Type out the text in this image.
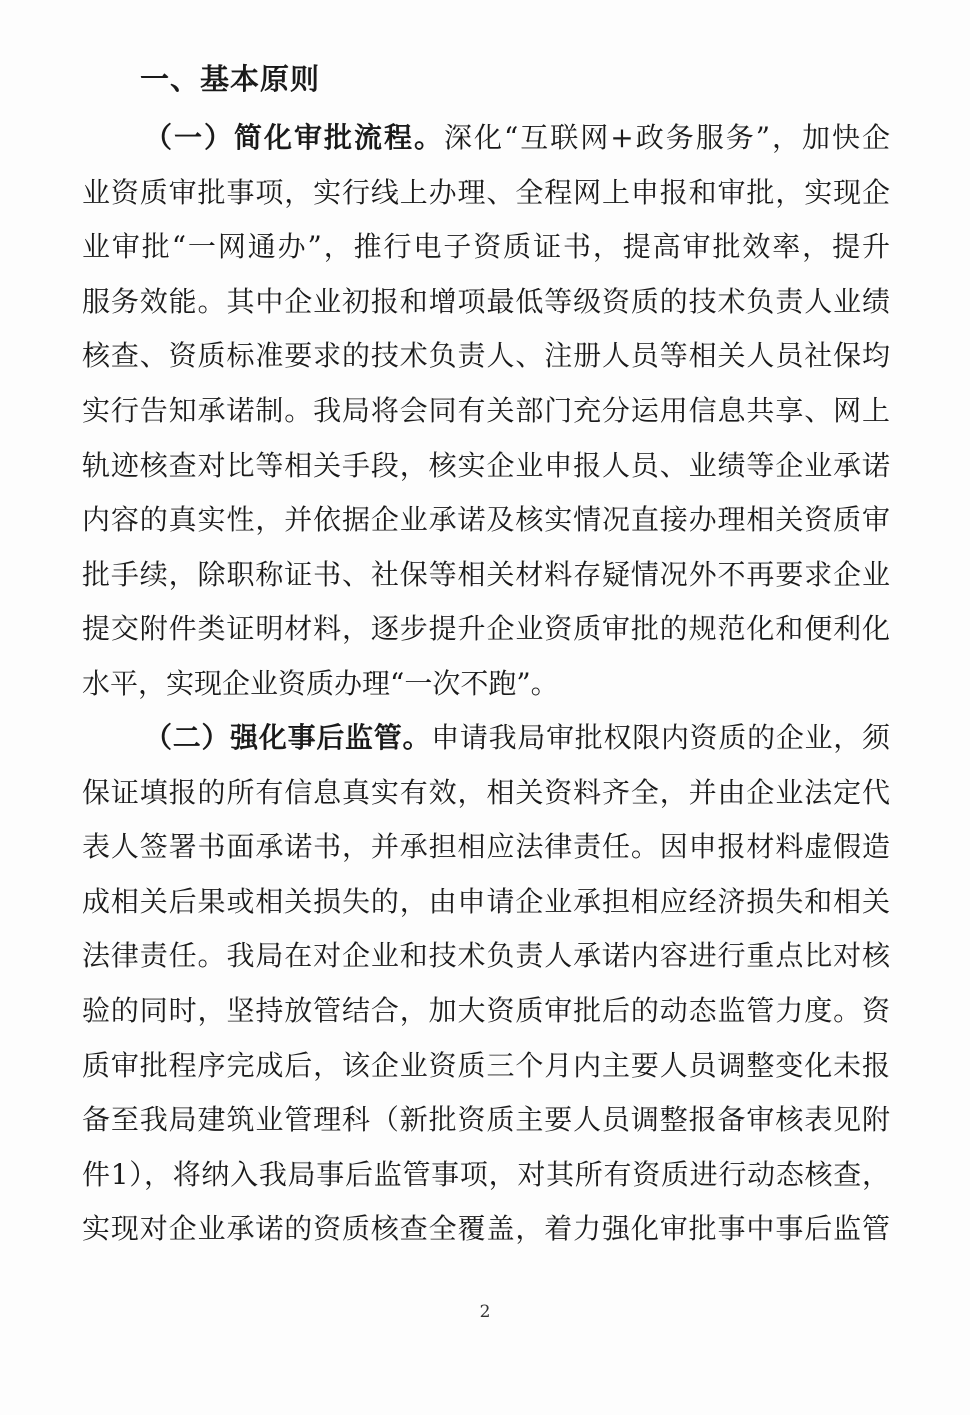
一、基本原则
（一）简化审批流程。深化“互联网+政务服务”，加快企
业资质审批事项，实行线上办理、全程网上申报和审批，实现企
业审批“一网通办”，推行电子资质证书，提高审批效率，提升
服务效能。其中企业初报和增项最低等级资质的技术负责人业绩
核查、资质标准要求的技术负责人、注册人员等相关人员社保均
实行告知承诺制。我局将会同有关部门充分运用信息共享、网上
轨迹核查对比等相关手段，核实企业申报人员、业绩等企业承诺
内容的真实性，并依据企业承诺及核实情况直接办理相关资质审
批手续，除职称证书、社保等相关材料存疑情况外不再要求企业
提交附件类证明材料，逐步提升企业资质审批的规范化和便利化
水平，实现企业资质办理“一次不跑”。
（二）强化事后监管。申请我局审批权限内资质的企业，须
保证填报的所有信息真实有效，相关资料齐全，并由企业法定代
表人签署书面承诺书，并承担相应法律责任。因申报材料虚假造
成相关后果或相关损失的，由申请企业承担相应经济损失和相关
法律责任。我局在对企业和技术负责人承诺内容进行重点比对核
验的同时，坚持放管结合，加大资质审批后的动态监管力度。资
质审批程序完成后，该企业资质三个月内主要人员调整变化未报
备至我局建筑业管理科（新批资质主要人员调整报备审核表见附
件1），将纳入我局事后监管事项，对其所有资质进行动态核查，
实现对企业承诺的资质核查全覆盖，着力强化审批事中事后监管
2
